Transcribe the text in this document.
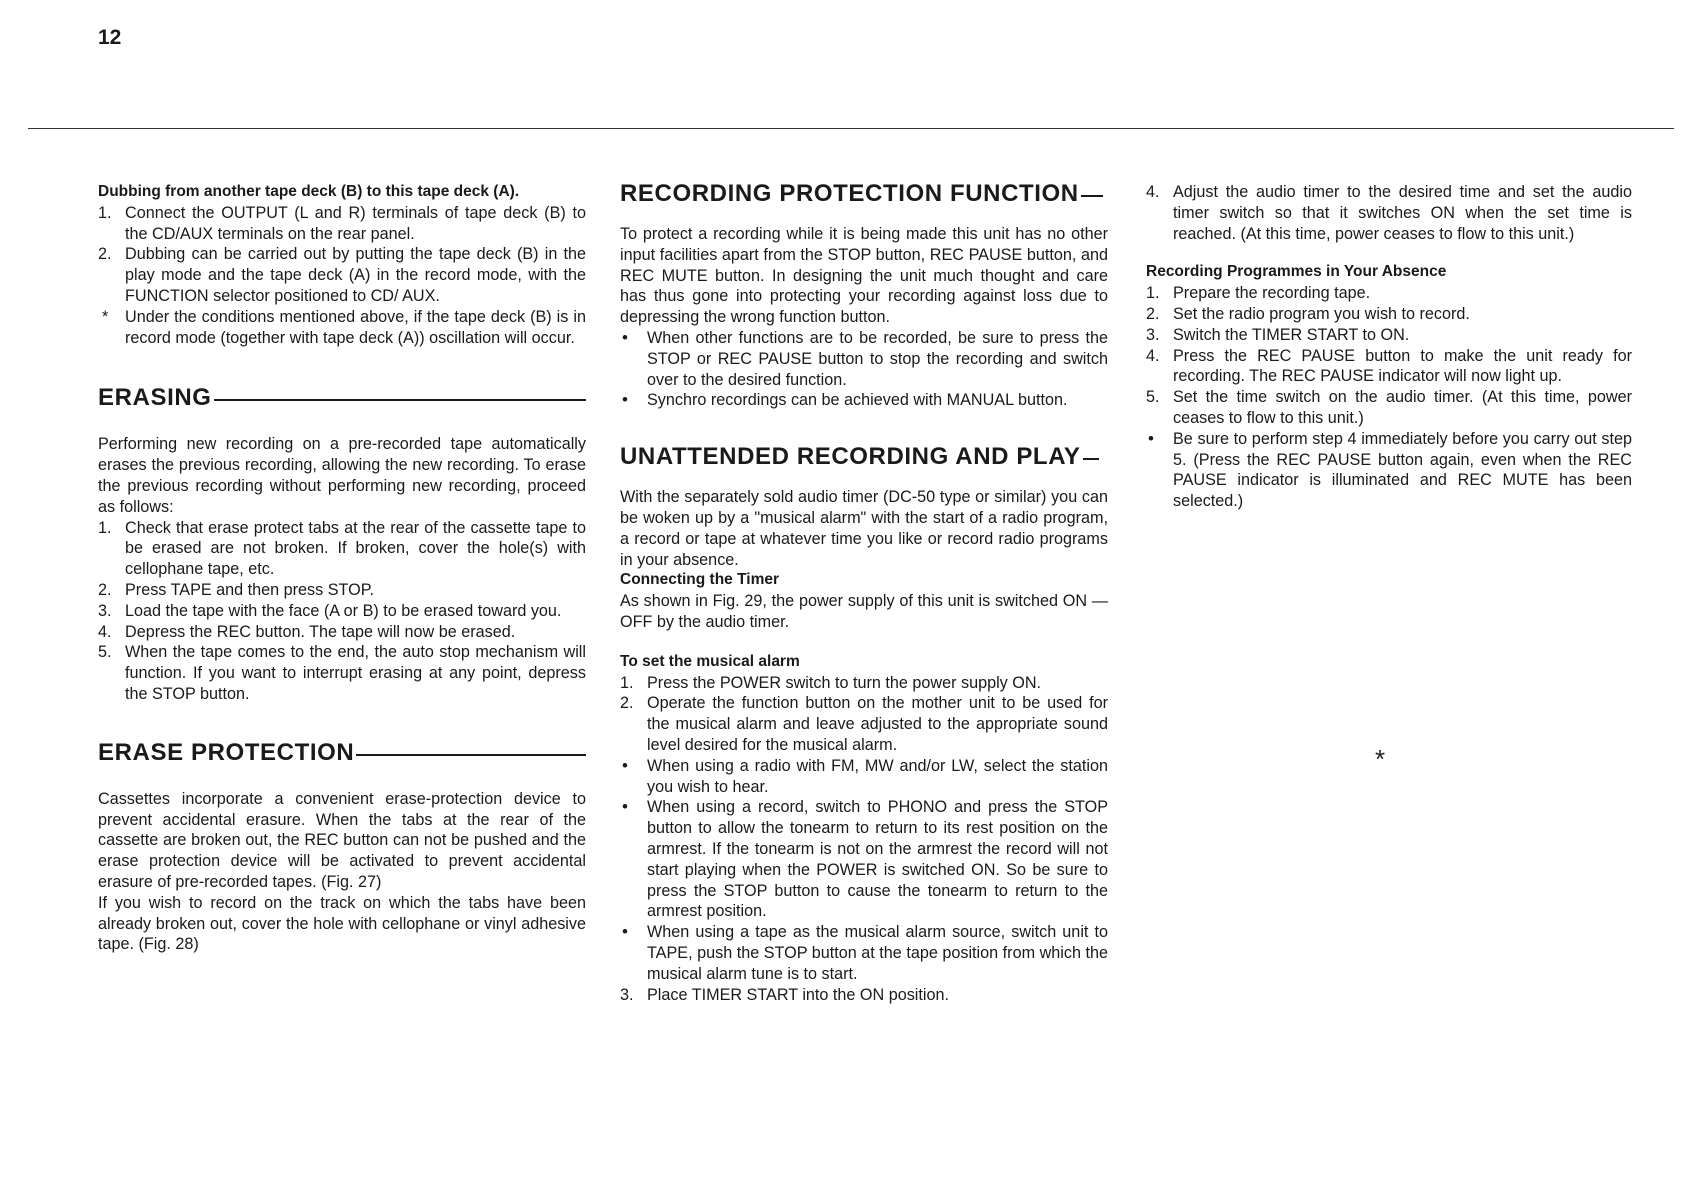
12
Dubbing from another tape deck (B) to this tape deck (A).
1. Connect the OUTPUT (L and R) terminals of tape deck (B) to the CD/AUX terminals on the rear panel.
2. Dubbing can be carried out by putting the tape deck (B) in the play mode and the tape deck (A) in the record mode, with the FUNCTION selector positioned to CD/ AUX.
* Under the conditions mentioned above, if the tape deck (B) is in record mode (together with tape deck (A)) oscillation will occur.
ERASING

Performing new recording on a pre-recorded tape automatically erases the previous recording, allowing the new recording. To erase the previous recording without performing new recording, proceed as follows:

1. Check that erase protect tabs at the rear of the cassette tape to be erased are not broken. If broken, cover the hole(s) with cellophane tape, etc.
2. Press TAPE and then press STOP.
3. Load the tape with the face (A or B) to be erased toward you.
4. Depress the REC button. The tape will now be erased.
5. When the tape comes to the end, the auto stop mechanism will function. If you want to interrupt erasing at any point, depress the STOP button.
ERASE PROTECTION

Cassettes incorporate a convenient erase-protection device to prevent accidental erasure. When the tabs at the rear of the cassette are broken out, the REC button can not be pushed and the erase protection device will be activated to prevent accidental erasure of pre-recorded tapes. (Fig. 27)

If you wish to record on the track on which the tabs have been already broken out, cover the hole with cellophane or vinyl adhesive tape. (Fig. 28)

RECORDING PROTECTION FUNCTION

To protect a recording while it is being made this unit has no other input facilities apart from the STOP button, REC PAUSE button, and REC MUTE button. In designing the unit much thought and care has thus gone into protecting your recording against loss due to depressing the wrong function button.

• When other functions are to be recorded, be sure to press the STOP or REC PAUSE button to stop the recording and switch over to the desired function.
• Synchro recordings can be achieved with MANUAL button.
UNATTENDED RECORDING AND PLAY

With the separately sold audio timer (DC-50 type or similar) you can be woken up by a "musical alarm" with the start of a radio program, a record or tape at whatever time you like or record radio programs in your absence.

Connecting the Timer

As shown in Fig. 29, the power supply of this unit is switched ON — OFF by the audio timer.

To set the musical alarm
1. Press the POWER switch to turn the power supply ON.
2. Operate the function button on the mother unit to be used for the musical alarm and leave adjusted to the appropriate sound level desired for the musical alarm.
• When using a radio with FM, MW and/or LW, select the station you wish to hear.
• When using a record, switch to PHONO and press the STOP button to allow the tonearm to return to its rest position on the armrest. If the tonearm is not on the armrest the record will not start playing when the POWER is switched ON. So be sure to press the STOP button to cause the tonearm to return to the armrest position.
• When using a tape as the musical alarm source, switch unit to TAPE, push the STOP button at the tape position from which the musical alarm tune is to start.
3. Place TIMER START into the ON position.
4. Adjust the audio timer to the desired time and set the audio timer switch so that it switches ON when the set time is reached. (At this time, power ceases to flow to this unit.)
Recording Programmes in Your Absence
1. Prepare the recording tape.
2. Set the radio program you wish to record.
3. Switch the TIMER START to ON.
4. Press the REC PAUSE button to make the unit ready for recording. The REC PAUSE indicator will now light up.
5. Set the time switch on the audio timer. (At this time, power ceases to flow to this unit.)
• Be sure to perform step 4 immediately before you carry out step 5. (Press the REC PAUSE button again, even when the REC PAUSE indicator is illuminated and REC MUTE has been selected.)
*
